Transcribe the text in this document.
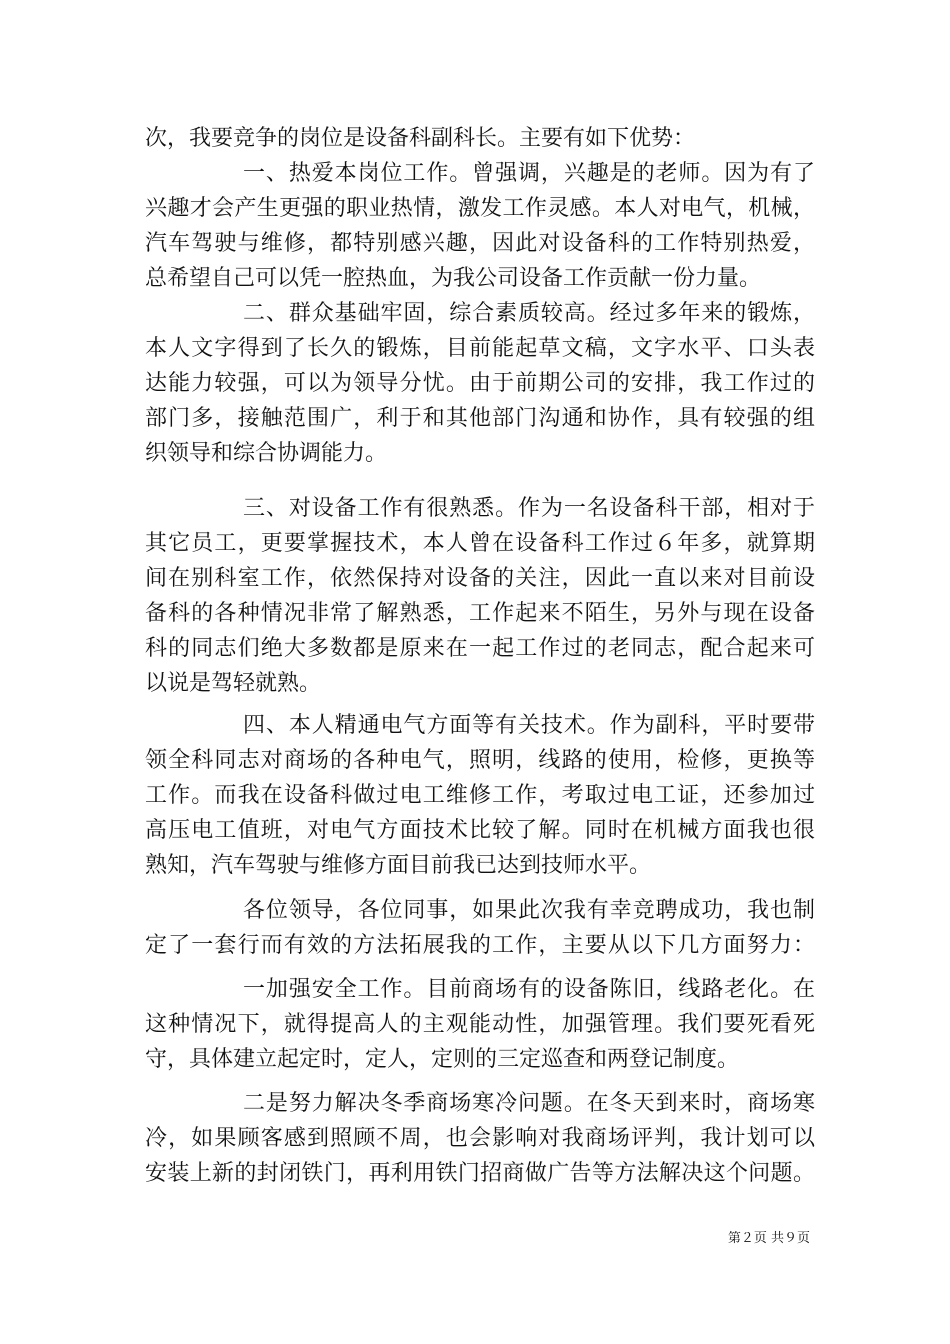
次，我要竞争的岗位是设备科副科长。主要有如下优势：
一、热爱本岗位工作。曾强调，兴趣是的老师。因为有了
兴趣才会产生更强的职业热情，激发工作灵感。本人对电气，机械，
汽车驾驶与维修，都特别感兴趣，因此对设备科的工作特别热爱，
总希望自己可以凭一腔热血，为我公司设备工作贡献一份力量。
二、群众基础牢固，综合素质较高。经过多年来的锻炼，
本人文字得到了长久的锻炼，目前能起草文稿，文字水平、口头表
达能力较强，可以为领导分忧。由于前期公司的安排，我工作过的
部门多，接触范围广，利于和其他部门沟通和协作，具有较强的组
织领导和综合协调能力。
三、对设备工作有很熟悉。作为一名设备科干部，相对于
其它员工，更要掌握技术，本人曾在设备科工作过６年多，就算期
间在别科室工作，依然保持对设备的关注，因此一直以来对目前设
备科的各种情况非常了解熟悉，工作起来不陌生，另外与现在设备
科的同志们绝大多数都是原来在一起工作过的老同志，配合起来可
以说是驾轻就熟。
四、本人精通电气方面等有关技术。作为副科，平时要带
领全科同志对商场的各种电气，照明，线路的使用，检修，更换等
工作。而我在设备科做过电工维修工作，考取过电工证，还参加过
高压电工值班，对电气方面技术比较了解。同时在机械方面我也很
熟知，汽车驾驶与维修方面目前我已达到技师水平。
各位领导，各位同事，如果此次我有幸竞聘成功，我也制
定了一套行而有效的方法拓展我的工作，主要从以下几方面努力：
一加强安全工作。目前商场有的设备陈旧，线路老化。在
这种情况下，就得提高人的主观能动性，加强管理。我们要死看死
守，具体建立起定时，定人，定则的三定巡查和两登记制度。
二是努力解决冬季商场寒冷问题。在冬天到来时，商场寒
冷，如果顾客感到照顾不周，也会影响对我商场评判，我计划可以
安装上新的封闭铁门，再利用铁门招商做广告等方法解决这个问题。
第２页 共９页
